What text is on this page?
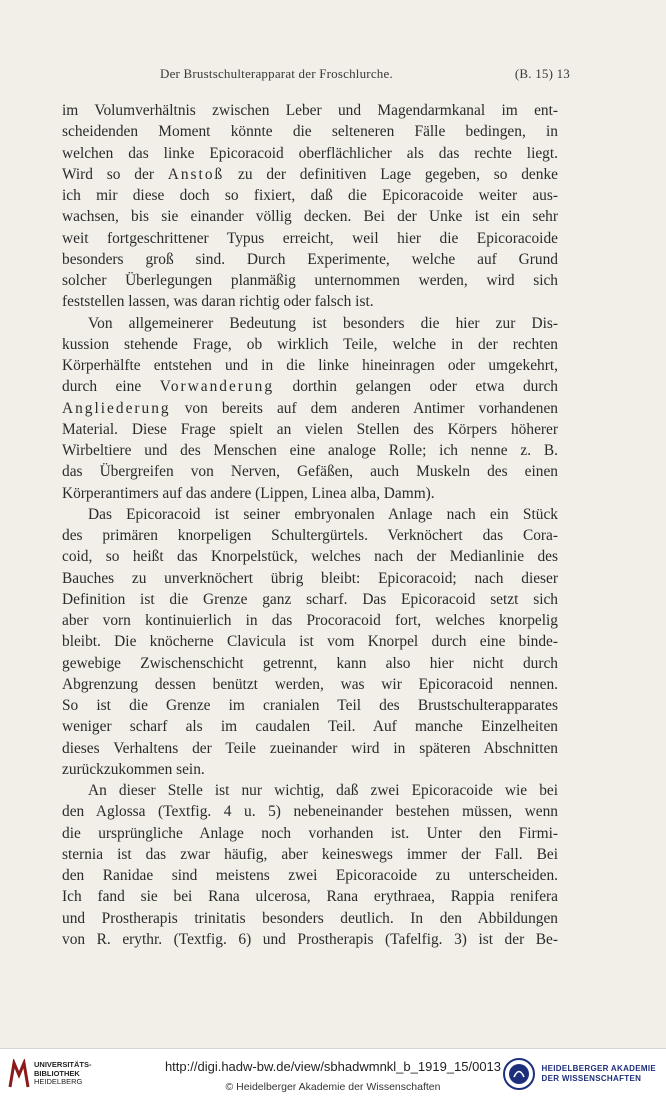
Der Brustschulterapparat der Froschlurche.	(B. 15) 13
im Volumverhältnis zwischen Leber und Magendarmkanal im ent-
scheidenden Moment könnte die selteneren Fälle bedingen, in
welchen das linke Epicoracoid oberflächlicher als das rechte liegt.
Wird so der Anstoß zu der definitiven Lage gegeben, so denke
ich mir diese doch so fixiert, daß die Epicoracoide weiter aus-
wachsen, bis sie einander völlig decken. Bei der Unke ist ein sehr
weit fortgeschrittener Typus erreicht, weil hier die Epicoracoide
besonders groß sind. Durch Experimente, welche auf Grund
solcher Überlegungen planmäßig unternommen werden, wird sich
feststellen lassen, was daran richtig oder falsch ist.
Von allgemeinerer Bedeutung ist besonders die hier zur Dis-
kussion stehende Frage, ob wirklich Teile, welche in der rechten
Körperhälfte entstehen und in die linke hineinragen oder umgekehrt,
durch eine Vorwanderung dorthin gelangen oder etwa durch
Angliederung von bereits auf dem anderen Antimer vorhandenen
Material. Diese Frage spielt an vielen Stellen des Körpers höherer
Wirbeltiere und des Menschen eine analoge Rolle; ich nenne z. B.
das Übergreifen von Nerven, Gefäßen, auch Muskeln des einen
Körperantimers auf das andere (Lippen, Linea alba, Damm).
Das Epicoracoid ist seiner embryonalen Anlage nach ein Stück
des primären knorpeligen Schultergürtels. Verknöchert das Cora-
coid, so heißt das Knorpelstück, welches nach der Medianlinie des
Bauches zu unverknöchert übrig bleibt: Epicoracoid; nach dieser
Definition ist die Grenze ganz scharf. Das Epicoracoid setzt sich
aber vorn kontinuierlich in das Procoracoid fort, welches knorpelig
bleibt. Die knöcherne Clavicula ist vom Knorpel durch eine binde-
gewebige Zwischenschicht getrennt, kann also hier nicht durch
Abgrenzung dessen benützt werden, was wir Epicoracoid nennen.
So ist die Grenze im cranialen Teil des Brustschulterapparates
weniger scharf als im caudalen Teil. Auf manche Einzelheiten
dieses Verhaltens der Teile zueinander wird in späteren Abschnitten
zurückzukommen sein.
An dieser Stelle ist nur wichtig, daß zwei Epicoracoide wie bei
den Aglossa (Textfig. 4 u. 5) nebeneinander bestehen müssen, wenn
die ursprüngliche Anlage noch vorhanden ist. Unter den Firmi-
sternia ist das zwar häufig, aber keineswegs immer der Fall. Bei
den Ranidae sind meistens zwei Epicoracoide zu unterscheiden.
Ich fand sie bei Rana ulcerosa, Rana erythraea, Rappia renifera
und Prostherapis trinitatis besonders deutlich. In den Abbildungen
von R. erythr. (Textfig. 6) und Prostherapis (Tafelfig. 3) ist der Be-
UNIVERSITÄTS-
BIBLIOTHEK
HEIDELBERG
http://digi.hadw-bw.de/view/sbhadwmnkl_b_1919_15/0013
© Heidelberger Akademie der Wissenschaften
HEIDELBERGER AKADEMIE
DER WISSENSCHAFTEN
